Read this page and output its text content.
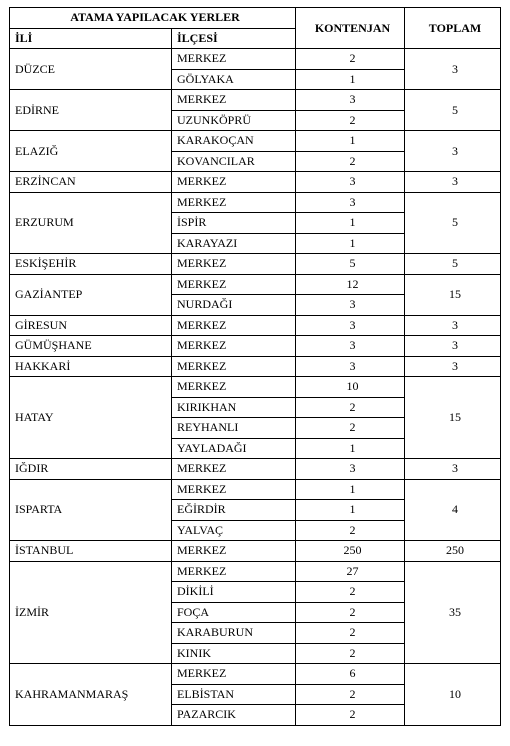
ATAMA YAPILACAK YERLER		KONTENJAN	TOPLAM
İLİ	İLÇESİ		
DÜZCE	MERKEZ	2	3
	GÖLYAKA	1	
EDİRNE	MERKEZ	3	5
	UZUNKÖPRÜ	2	
ELAZIĞ	KARAKOÇAN	1	3
	KOVANCILAR	2	
ERZİNCAN	MERKEZ	3	3
ERZURUM	MERKEZ	3	5
	İSPİR	1	
	KARAYAZI	1	
ESKİŞEHİR	MERKEZ	5	5
GAZİANTEP	MERKEZ	12	15
	NURDAĞI	3	
GİRESUN	MERKEZ	3	3
GÜMÜŞHANE	MERKEZ	3	3
HAKKARİ	MERKEZ	3	3
HATAY	MERKEZ	10	15
	KIRIKHAN	2	
	REYHANLI	2	
	YAYLADAĞI	1	
IĞDIR	MERKEZ	3	3
ISPARTA	MERKEZ	1	4
	EĞİRDİR	1	
	YALVAÇ	2	
İSTANBUL	MERKEZ	250	250
İZMİR	MERKEZ	27	35
	DİKİLİ	2	
	FOÇA	2	
	KARABURUN	2	
	KINIK	2	
KAHRAMANMARAŞ	MERKEZ	6	10
	ELBİSTAN	2	
	PAZARCIK	2	
